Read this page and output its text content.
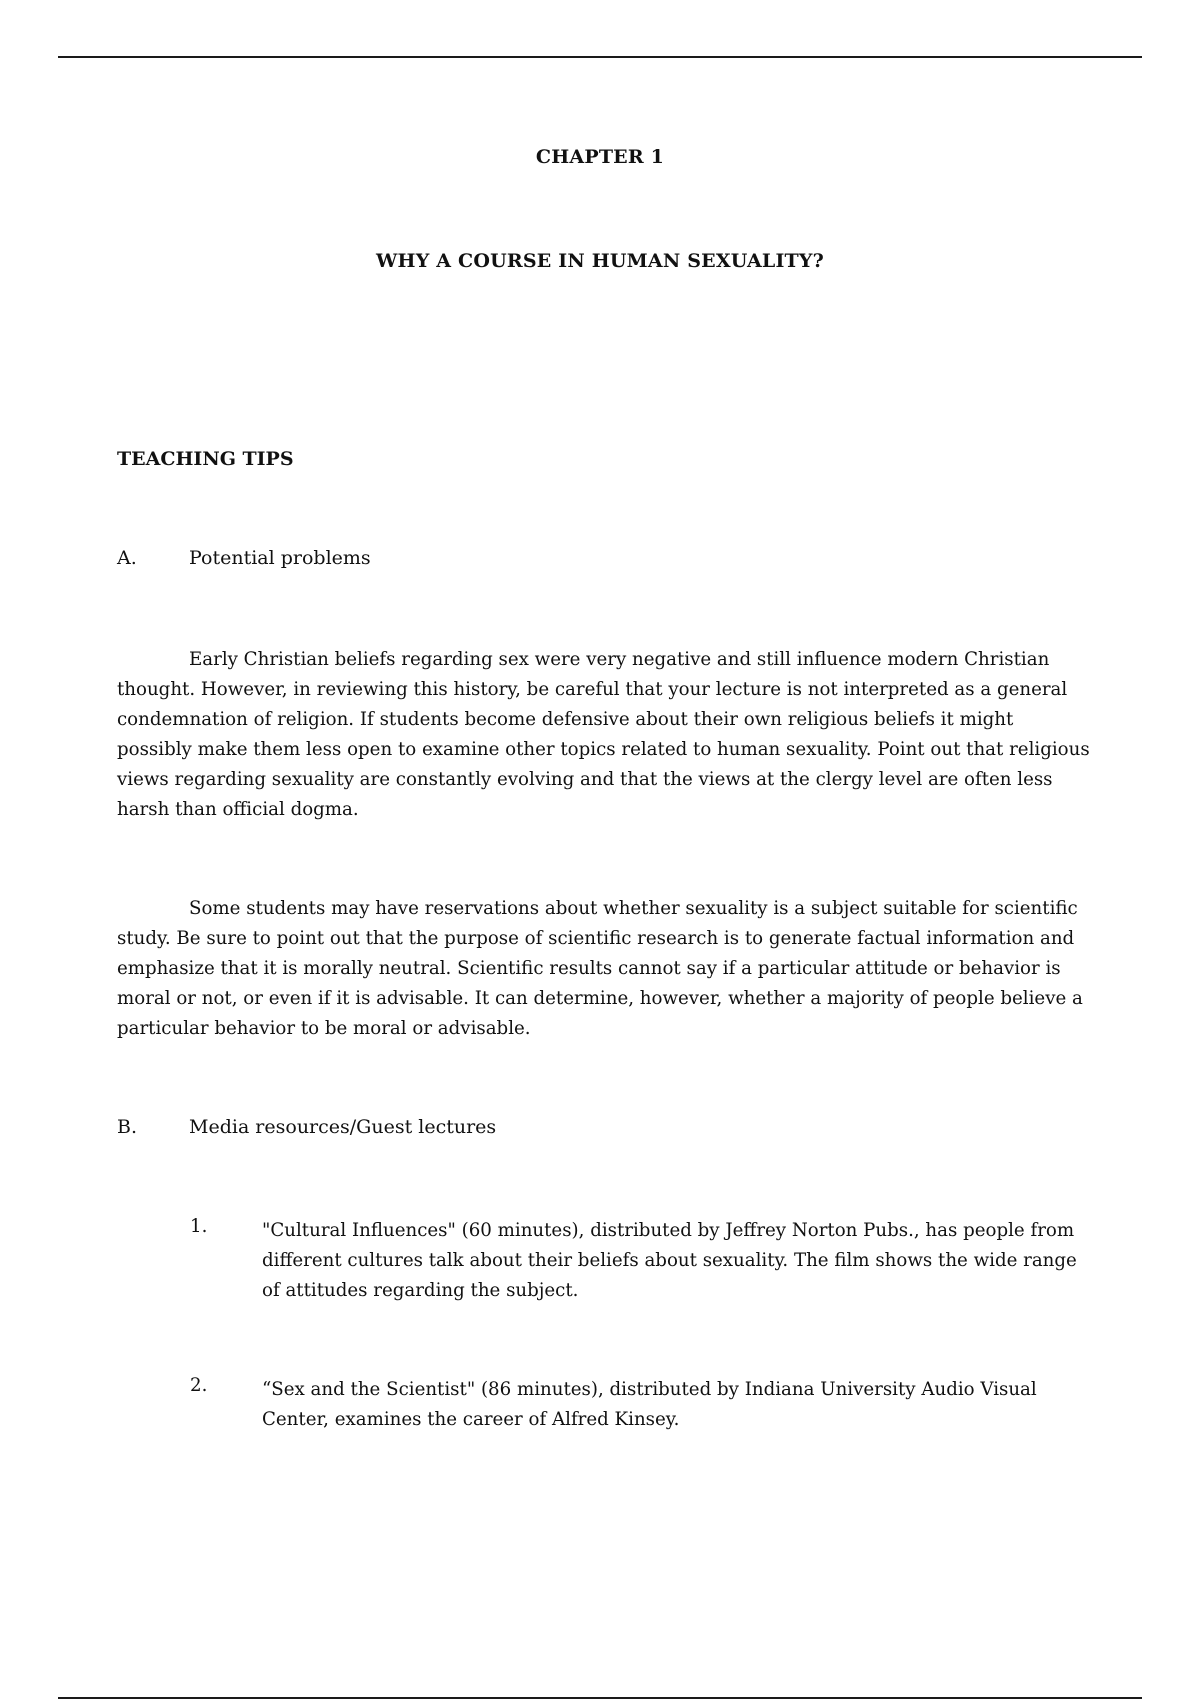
CHAPTER 1
WHY A COURSE IN HUMAN SEXUALITY?
TEACHING TIPS
A.	Potential problems

Early Christian beliefs regarding sex were very negative and still influence modern Christian thought. However, in reviewing this history, be careful that your lecture is not interpreted as a general condemnation of religion. If students become defensive about their own religious beliefs it might possibly make them less open to examine other topics related to human sexuality. Point out that religious views regarding sexuality are constantly evolving and that the views at the clergy level are often less harsh than official dogma.

Some students may have reservations about whether sexuality is a subject suitable for scientific study. Be sure to point out that the purpose of scientific research is to generate factual information and emphasize that it is morally neutral. Scientific results cannot say if a particular attitude or behavior is moral or not, or even if it is advisable. It can determine, however, whether a majority of people believe a particular behavior to be moral or advisable.

B.	Media resources/Guest lectures
1.	"Cultural Influences" (60 minutes), distributed by Jeffrey Norton Pubs., has people from different cultures talk about their beliefs about sexuality. The film shows the wide range of attitudes regarding the subject.

2.	“Sex and the Scientist" (86 minutes), distributed by Indiana University Audio Visual Center, examines the career of Alfred Kinsey.
